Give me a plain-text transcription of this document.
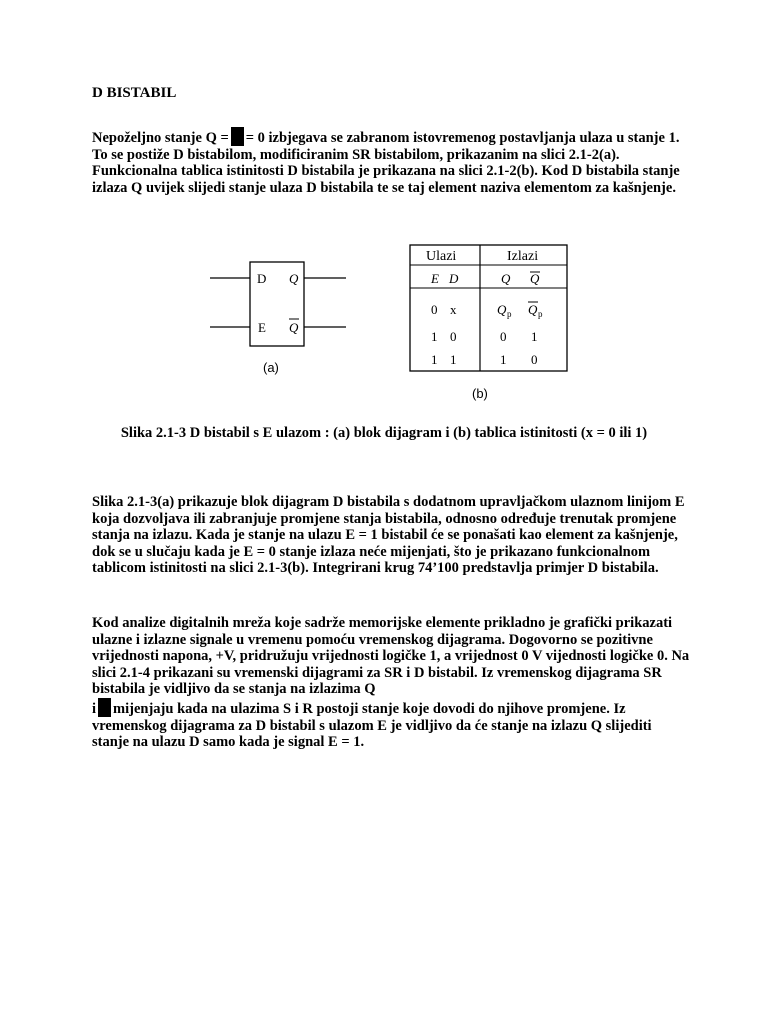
D BISTABIL
Nepoželjno stanje Q = = 0 izbjegava se zabranom istovremenog postavljanja ulaza u stanje 1. To se postiže D bistabilom, modificiranim SR bistabilom, prikazanim na slici 2.1-2(a). Funkcionalna tablica istinitosti D bistabila je prikazana na slici 2.1-2(b). Kod D bistabila stanje izlaza Q uvijek slijedi stanje ulaza D bistabila te se taj element naziva elementom za kašnjenje.
D
E
Q
Q
(a)
Ulazi	Izlazi
E D	Q Q
0 x	Q p Q p
1 0	0 1
1 1	1 0
(b)
Slika 2.1-3 D bistabil s E ulazom : (a) blok dijagram i (b) tablica istinitosti (x = 0 ili 1)
Slika 2.1-3(a) prikazuje blok dijagram D bistabila s dodatnom upravljačkom ulaznom linijom E koja dozvoljava ili zabranjuje promjene stanja bistabila, odnosno određuje trenutak promjene stanja na izlazu. Kada je stanje na ulazu E = 1 bistabil će se ponašati kao element za kašnjenje, dok se u slučaju kada je E = 0 stanje izlaza neće mijenjati, što je prikazano funkcionalnom tablicom istinitosti na slici 2.1-3(b). Integrirani krug 74’100 predstavlja primjer D bistabila.
Kod analize digitalnih mreža koje sadrže memorijske elemente prikladno je grafički prikazati ulazne i izlazne signale u vremenu pomoću vremenskog dijagrama. Dogovorno se pozitivne vrijednosti napona, +V, pridružuju vrijednosti logičke 1, a vrijednost 0 V vijednosti logičke 0. Na slici 2.1-4 prikazani su vremenski dijagrami za SR i D bistabil. Iz vremenskog dijagrama SR bistabila je vidljivo da se stanja na izlazima Q
i mijenjaju kada na ulazima S i R postoji stanje koje dovodi do njihove promjene. Iz vremenskog dijagrama za D bistabil s ulazom E je vidljivo da će stanje na izlazu Q slijediti stanje na ulazu D samo kada je signal E = 1.
